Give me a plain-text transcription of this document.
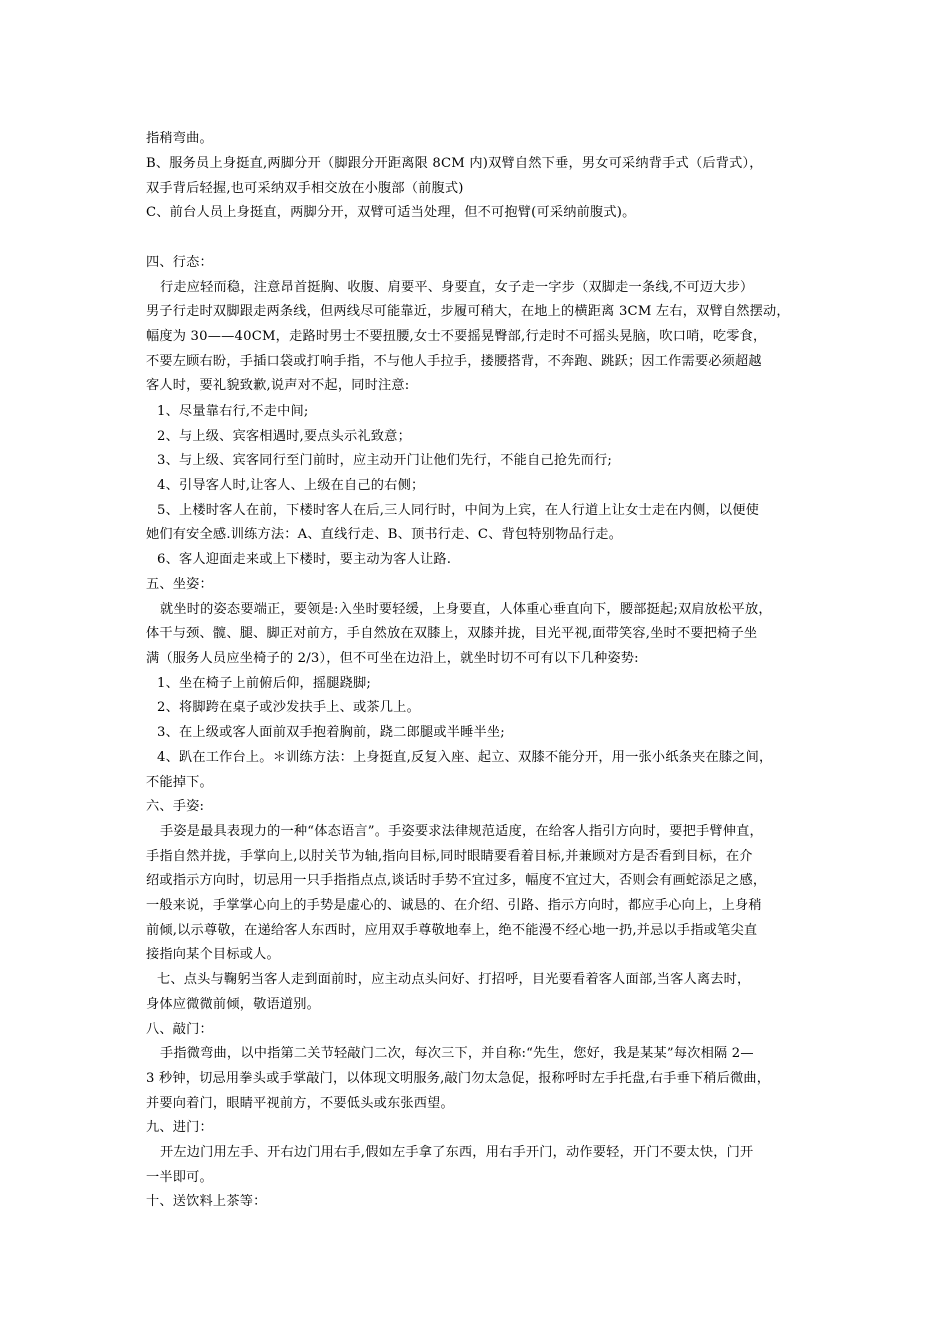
指稍弯曲。
B、服务员上身挺直,两脚分开（脚跟分开距离限 8CM 内)双臂自然下垂，男女可采纳背手式（后背式），
双手背后轻握,也可采纳双手相交放在小腹部（前腹式)
C、前台人员上身挺直，两脚分开，双臂可适当处理，但不可抱臂(可采纳前腹式)。
四、行态：
行走应轻而稳，注意昂首挺胸、收腹、肩要平、身要直，女子走一字步（双脚走一条线,不可迈大步）
男子行走时双脚跟走两条线，但两线尽可能靠近，步履可稍大，在地上的横距离 3CM 左右，双臂自然摆动，
幅度为 30——40CM，走路时男士不要扭腰,女士不要摇晃臀部,行走时不可摇头晃脑，吹口哨，吃零食，
不要左顾右盼，手插口袋或打响手指，不与他人手拉手，搂腰搭背，不奔跑、跳跃；因工作需要必须超越
客人时，要礼貌致歉,说声对不起，同时注意:
1、尽量靠右行,不走中间;
2、与上级、宾客相遇时,要点头示礼致意；
3、与上级、宾客同行至门前时，应主动开门让他们先行，不能自己抢先而行;
4、引导客人时,让客人、上级在自己的右侧；
5、上楼时客人在前，下楼时客人在后,三人同行时，中间为上宾，在人行道上让女士走在内侧，以便使
她们有安全感.训练方法：A、直线行走、B、顶书行走、C、背包特别物品行走。
6、客人迎面走来或上下楼时，要主动为客人让路.
五、坐姿：
就坐时的姿态要端正，要领是:入坐时要轻缓，上身要直，人体重心垂直向下，腰部挺起;双肩放松平放，
体干与颈、髋、腿、脚正对前方，手自然放在双膝上，双膝并拢，目光平视,面带笑容,坐时不要把椅子坐
满（服务人员应坐椅子的 2/3），但不可坐在边沿上，就坐时切不可有以下几种姿势:
1、坐在椅子上前俯后仰，摇腿跷脚;
2、将脚跨在桌子或沙发扶手上、或茶几上。
3、在上级或客人面前双手抱着胸前，跷二郎腿或半睡半坐;
4、趴在工作台上。＊训练方法：上身挺直,反复入座、起立、双膝不能分开，用一张小纸条夹在膝之间，
不能掉下。
六、手姿:
手姿是最具表现力的一种“体态语言”。手姿要求法律规范适度，在给客人指引方向时，要把手臂伸直，
手指自然并拢，手掌向上,以肘关节为轴,指向目标,同时眼睛要看着目标,并兼顾对方是否看到目标，在介
绍或指示方向时，切忌用一只手指指点点,谈话时手势不宜过多，幅度不宜过大，否则会有画蛇添足之感，
一般来说，手掌掌心向上的手势是虚心的、诚恳的、在介绍、引路、指示方向时，都应手心向上，上身稍
前倾,以示尊敬，在递给客人东西时，应用双手尊敬地奉上，绝不能漫不经心地一扔,并忌以手指或笔尖直
接指向某个目标或人。
七、点头与鞠躬当客人走到面前时，应主动点头问好、打招呼，目光要看着客人面部,当客人离去时，
身体应微微前倾，敬语道别。
八、敲门：
手指微弯曲，以中指第二关节轻敲门二次，每次三下，并自称:“先生，您好，我是某某”每次相隔 2—
3 秒钟，切忌用拳头或手掌敲门，以体现文明服务,敲门勿太急促，报称呼时左手托盘,右手垂下稍后微曲，
并要向着门，眼睛平视前方，不要低头或东张西望。
九、进门：
开左边门用左手、开右边门用右手,假如左手拿了东西，用右手开门，动作要轻，开门不要太快，门开
一半即可。
十、送饮料上茶等：
